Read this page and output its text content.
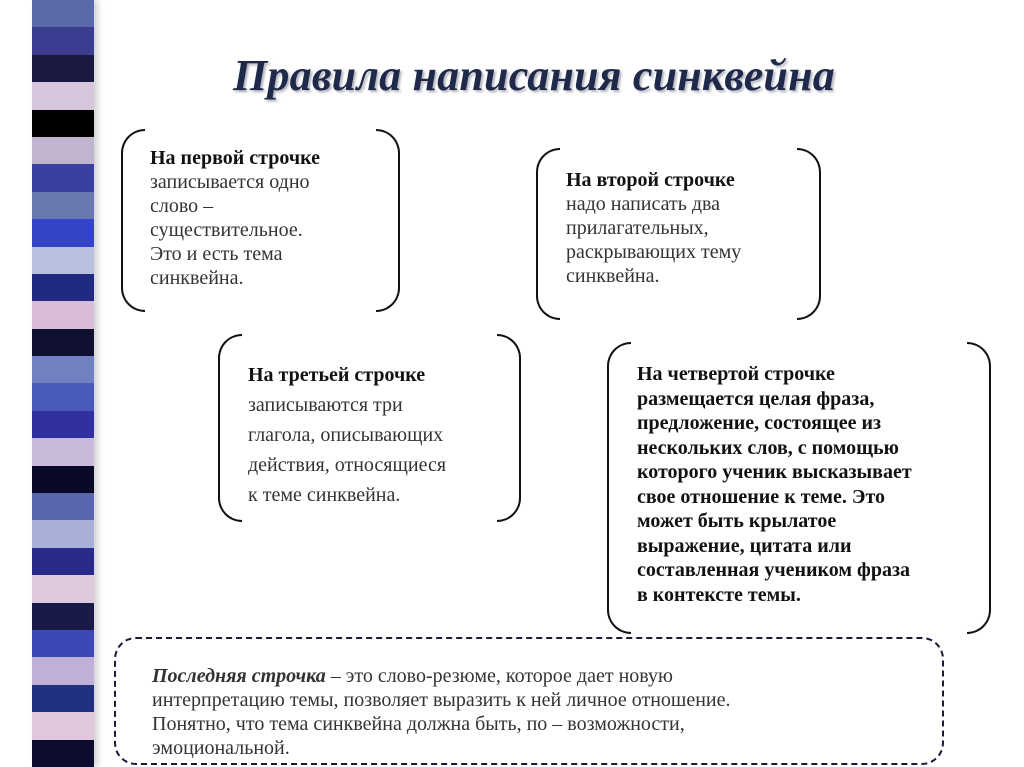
Правила написания синквейна

На первой строчке

записывается одно

слово –

существительное.

Это и есть тема

синквейна.

На второй строчке

надо написать два

прилагательных,

раскрывающих тему

синквейна.

На третьей строчке

записываются три

глаголa, описывающих

действия, относящиеся

к теме синквейна.

На четвертой строчке

размещается целая фраза,

предложение, состоящее из

нескольких слов, с помощью

которого ученик высказывает

свое отношение к теме. Это

может быть крылатое

выражение, цитата или

составленная учеником фраза

в контексте темы.

Последняя строчка – это слово-резюме, которое дает новую

интерпретацию темы, позволяет выразить к ней личное отношение.

Понятно, что тема синквейна должна быть, по – возможности,

эмоциональной.
